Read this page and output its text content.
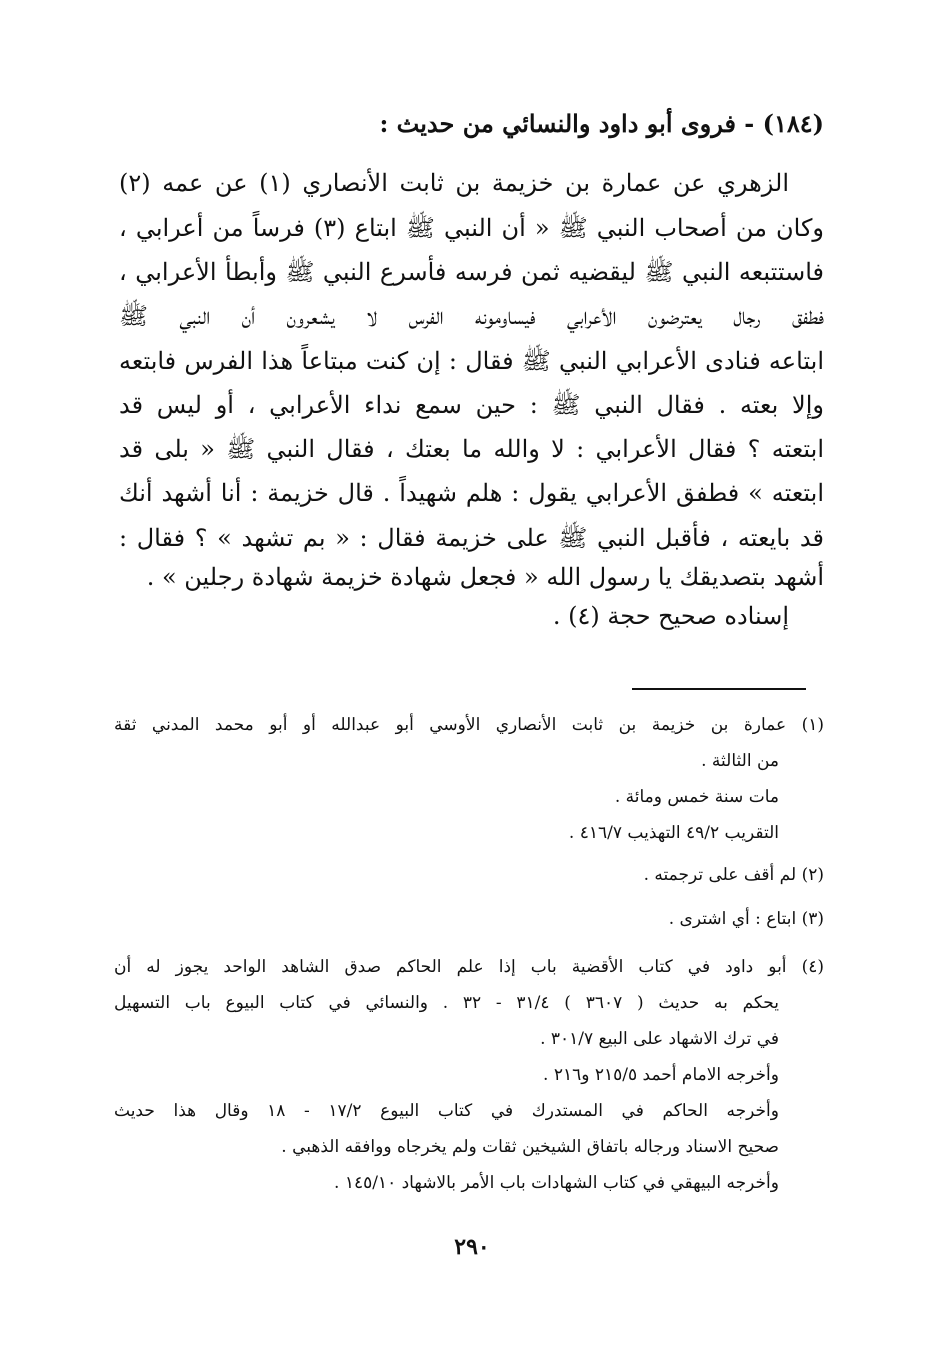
(١٨٤) - فروى أبو داود والنسائي من حديث :
الزهري عن عمارة بن خزيمة بن ثابت الأنصاري (١) عن عمه (٢)
وكان من أصحاب النبي ﷺ « أن النبي ﷺ ابتاع (٣) فرساً من أعرابي ،
فاستتبعه النبي ﷺ ليقضيه ثمن فرسه فأسرع النبي ﷺ وأبطأ الأعرابي ،
فطفق رجال يعترضون الأعرابي فيساومونه الفرس لا يشعرون أن النبي ﷺ
ابتاعه فنادى الأعرابي النبي ﷺ فقال : إن كنت مبتاعاً هذا الفرس فابتعه
وإلا بعته . فقال النبي ﷺ : حين سمع نداء الأعرابي ، أو ليس قد
ابتعته ؟ فقال الأعرابي : لا والله ما بعتك ، فقال النبي ﷺ « بلى قد
ابتعته » فطفق الأعرابي يقول : هلم شهيداً . قال خزيمة : أنا أشهد أنك
قد بايعته ، فأقبل النبي ﷺ على خزيمة فقال : « بم تشهد » ؟ فقال :
أشهد بتصديقك يا رسول الله « فجعل شهادة خزيمة شهادة رجلين » .
إسناده صحيح حجة (٤) .
(١) عمارة بن خزيمة بن ثابت الأنصاري الأوسي أبو عبدالله أو أبو محمد المدني ثقة
من الثالثة .
مات سنة خمس ومائة .
التقريب ٤٩/٢ التهذيب ٤١٦/٧ .
(٢) لم أقف على ترجمته .
(٣) ابتاع : أي اشترى .
(٤) أبو داود في كتاب الأقضية باب إذا علم الحاكم صدق الشاهد الواحد يجوز له أن
يحكم به حديث ( ٣٦٠٧ ) ٣١/٤ - ٣٢ . والنسائي في كتاب البيوع باب التسهيل
في ترك الاشهاد على البيع ٣٠١/٧ .
وأخرجه الامام أحمد ٢١٥/٥ و٢١٦ .
وأخرجه الحاكم في المستدرك في كتاب البيوع ١٧/٢ - ١٨ وقال هذا حديث
صحيح الاسناد ورجاله باتفاق الشيخين ثقات ولم يخرجاه ووافقه الذهبي .
وأخرجه البيهقي في كتاب الشهادات باب الأمر بالاشهاد ١٤٥/١٠ .
٢٩٠
